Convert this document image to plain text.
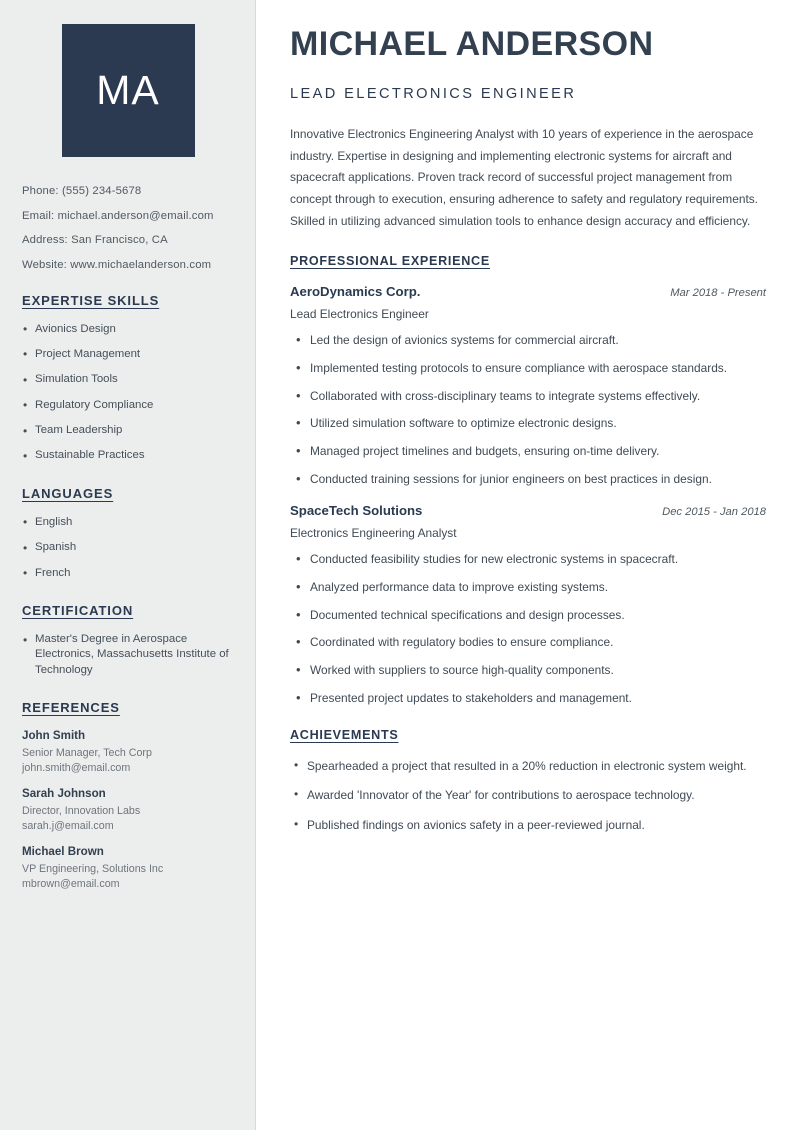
MA
Phone: (555) 234-5678
Email: michael.anderson@email.com
Address: San Francisco, CA
Website: www.michaelanderson.com
EXPERTISE SKILLS
• Avionics Design
• Project Management
• Simulation Tools
• Regulatory Compliance
• Team Leadership
• Sustainable Practices
LANGUAGES
• English
• Spanish
• French
CERTIFICATION
• Master's Degree in Aerospace Electronics, Massachusetts Institute of Technology
REFERENCES
John Smith
Senior Manager, Tech Corp
john.smith@email.com
Sarah Johnson
Director, Innovation Labs
sarah.j@email.com
Michael Brown
VP Engineering, Solutions Inc
mbrown@email.com
MICHAEL ANDERSON
LEAD ELECTRONICS ENGINEER

Innovative Electronics Engineering Analyst with 10 years of experience in the aerospace industry. Expertise in designing and implementing electronic systems for aircraft and spacecraft applications. Proven track record of successful project management from concept through to execution, ensuring adherence to safety and regulatory requirements. Skilled in utilizing advanced simulation tools to enhance design accuracy and efficiency.

PROFESSIONAL EXPERIENCE
AeroDynamics Corp.	Mar 2018 - Present
Lead Electronics Engineer
• Led the design of avionics systems for commercial aircraft.
• Implemented testing protocols to ensure compliance with aerospace standards.
• Collaborated with cross-disciplinary teams to integrate systems effectively.
• Utilized simulation software to optimize electronic designs.
• Managed project timelines and budgets, ensuring on-time delivery.
• Conducted training sessions for junior engineers on best practices in design.
SpaceTech Solutions	Dec 2015 - Jan 2018
Electronics Engineering Analyst
• Conducted feasibility studies for new electronic systems in spacecraft.
• Analyzed performance data to improve existing systems.
• Documented technical specifications and design processes.
• Coordinated with regulatory bodies to ensure compliance.
• Worked with suppliers to source high-quality components.
• Presented project updates to stakeholders and management.
ACHIEVEMENTS
• Spearheaded a project that resulted in a 20% reduction in electronic system weight.
• Awarded 'Innovator of the Year' for contributions to aerospace technology.
• Published findings on avionics safety in a peer-reviewed journal.
